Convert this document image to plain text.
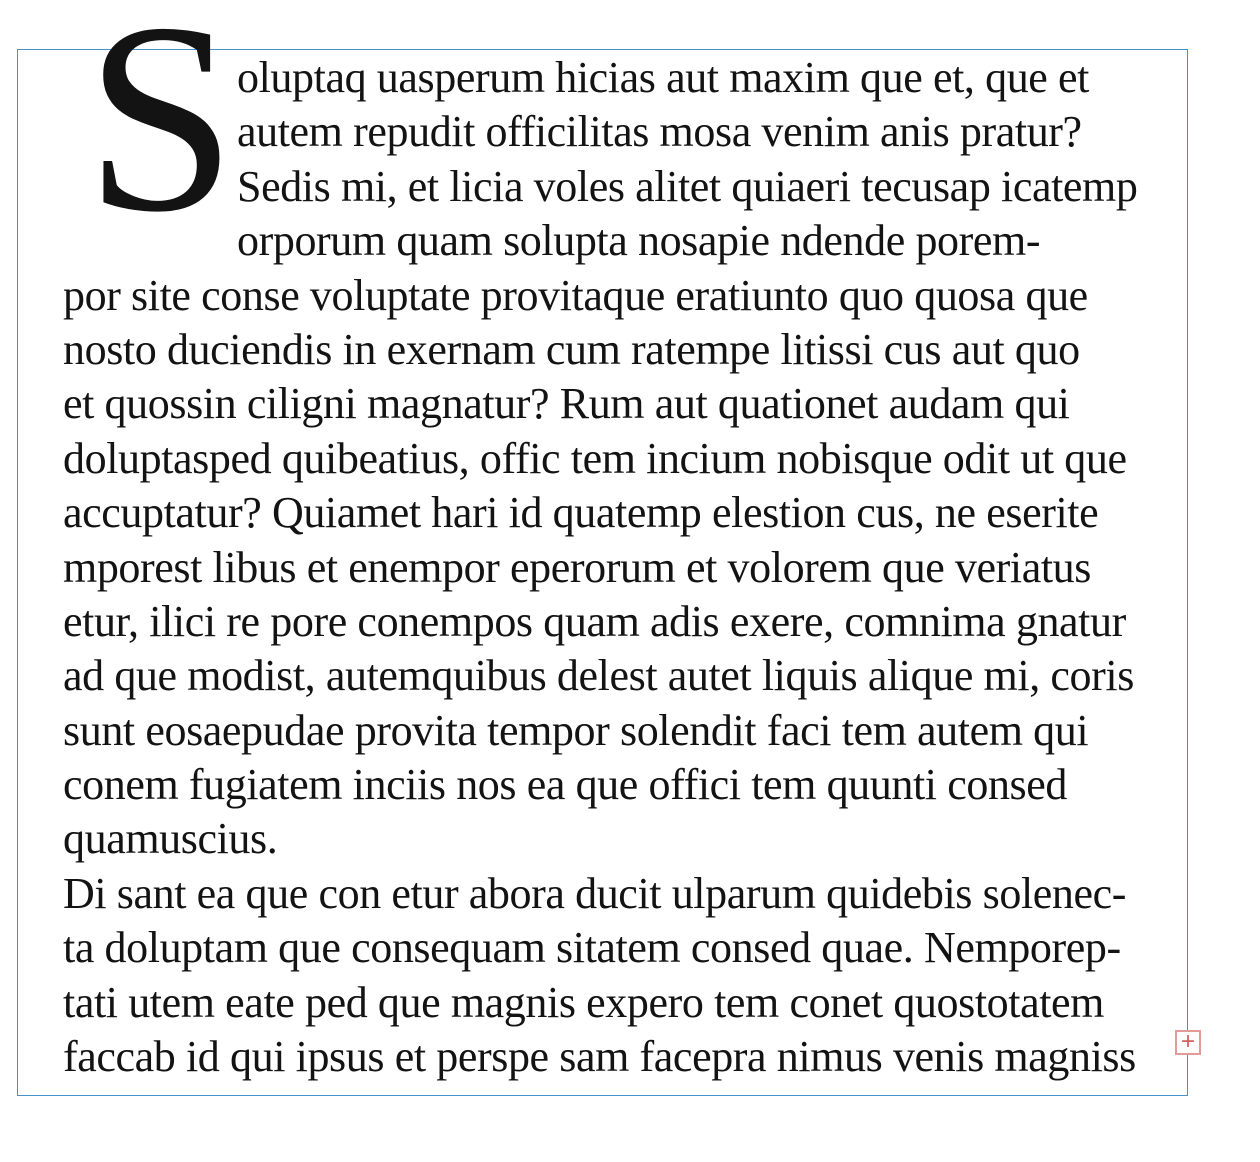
S oluptaq uasperum hicias aut maxim que et, que et
autem repudit officilitas mosa venim anis pratur?
Sedis mi, et licia voles alitet quiaeri tecusap icatemp
orporum quam solupta nosapie ndende porem-
por site conse voluptate provitaque eratiunto quo quosa que
nosto duciendis in exernam cum ratempe litissi cus aut quo
et quossin ciligni magnatur? Rum aut quationet audam qui
doluptasped quibeatius, offic tem incium nobisque odit ut que
accuptatur? Quiamet hari id quatemp elestion cus, ne eserite
mporest libus et enempor eperorum et volorem que veriatus
etur, ilici re pore conempos quam adis exere, comnima gnatur
ad que modist, autemquibus delest autet liquis alique mi, coris
sunt eosaepudae provita tempor solendit faci tem autem qui
conem fugiatem inciis nos ea que offici tem quunti consed
quamuscius.
Di sant ea que con etur abora ducit ulparum quidebis solenec-
ta doluptam que consequam sitatem consed quae. Nemporep-
tati utem eate ped que magnis expero tem conet quostotatem
faccab id qui ipsus et perspe sam facepra nimus venis magniss	+
